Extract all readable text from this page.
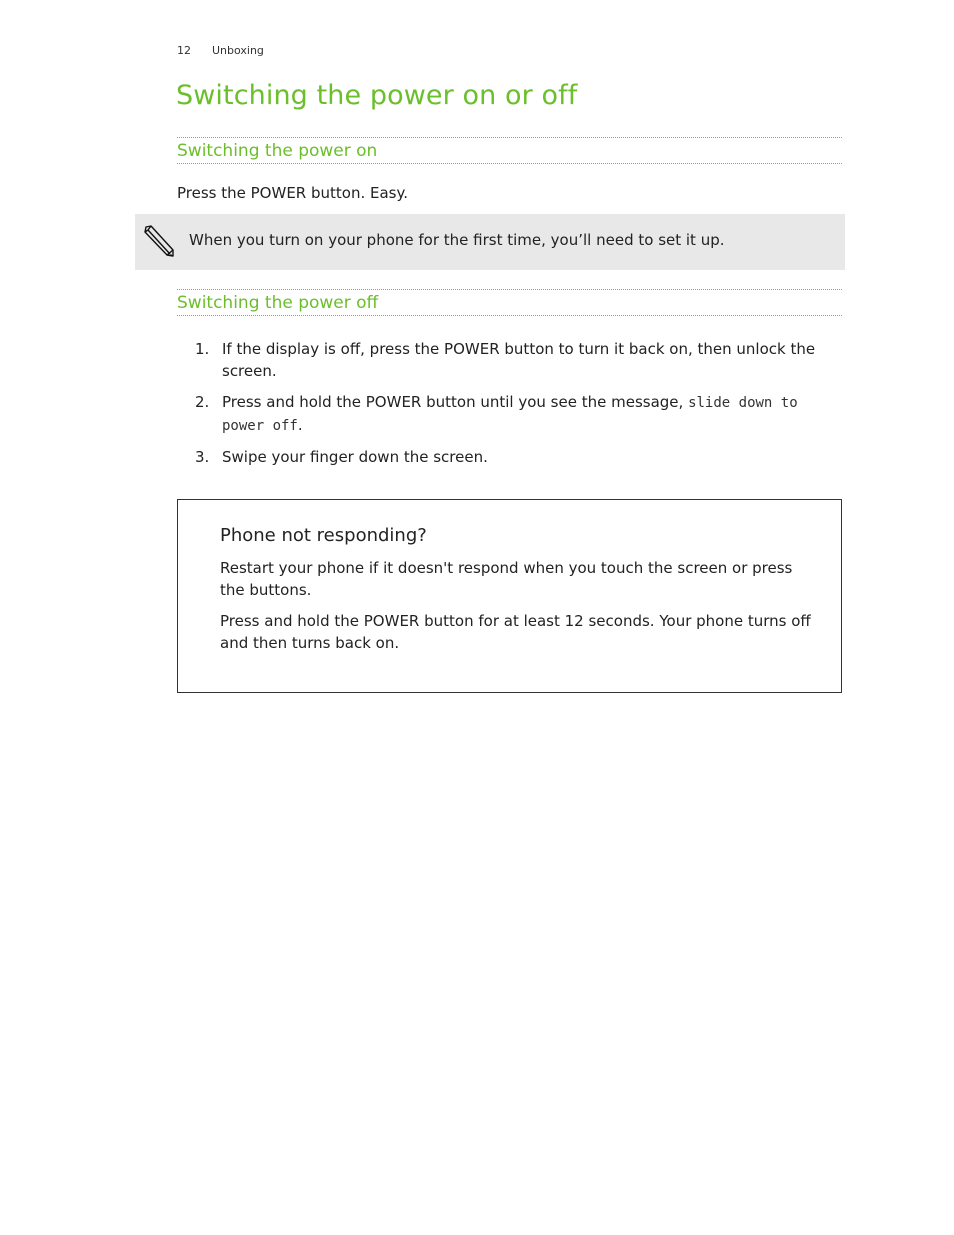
12 Unboxing
Switching the power on or off
Switching the power on

Press the POWER button. Easy.

When you turn on your phone for the first time, you’ll need to set it up.

Switching the power off
1. If the display is off, press the POWER button to turn it back on, then unlock the screen.
2. Press and hold the POWER button until you see the message, slide down to power off.
3. Swipe your finger down the screen.
Phone not responding?

Restart your phone if it doesn't respond when you touch the screen or press the buttons.

Press and hold the POWER button for at least 12 seconds. Your phone turns off and then turns back on.
